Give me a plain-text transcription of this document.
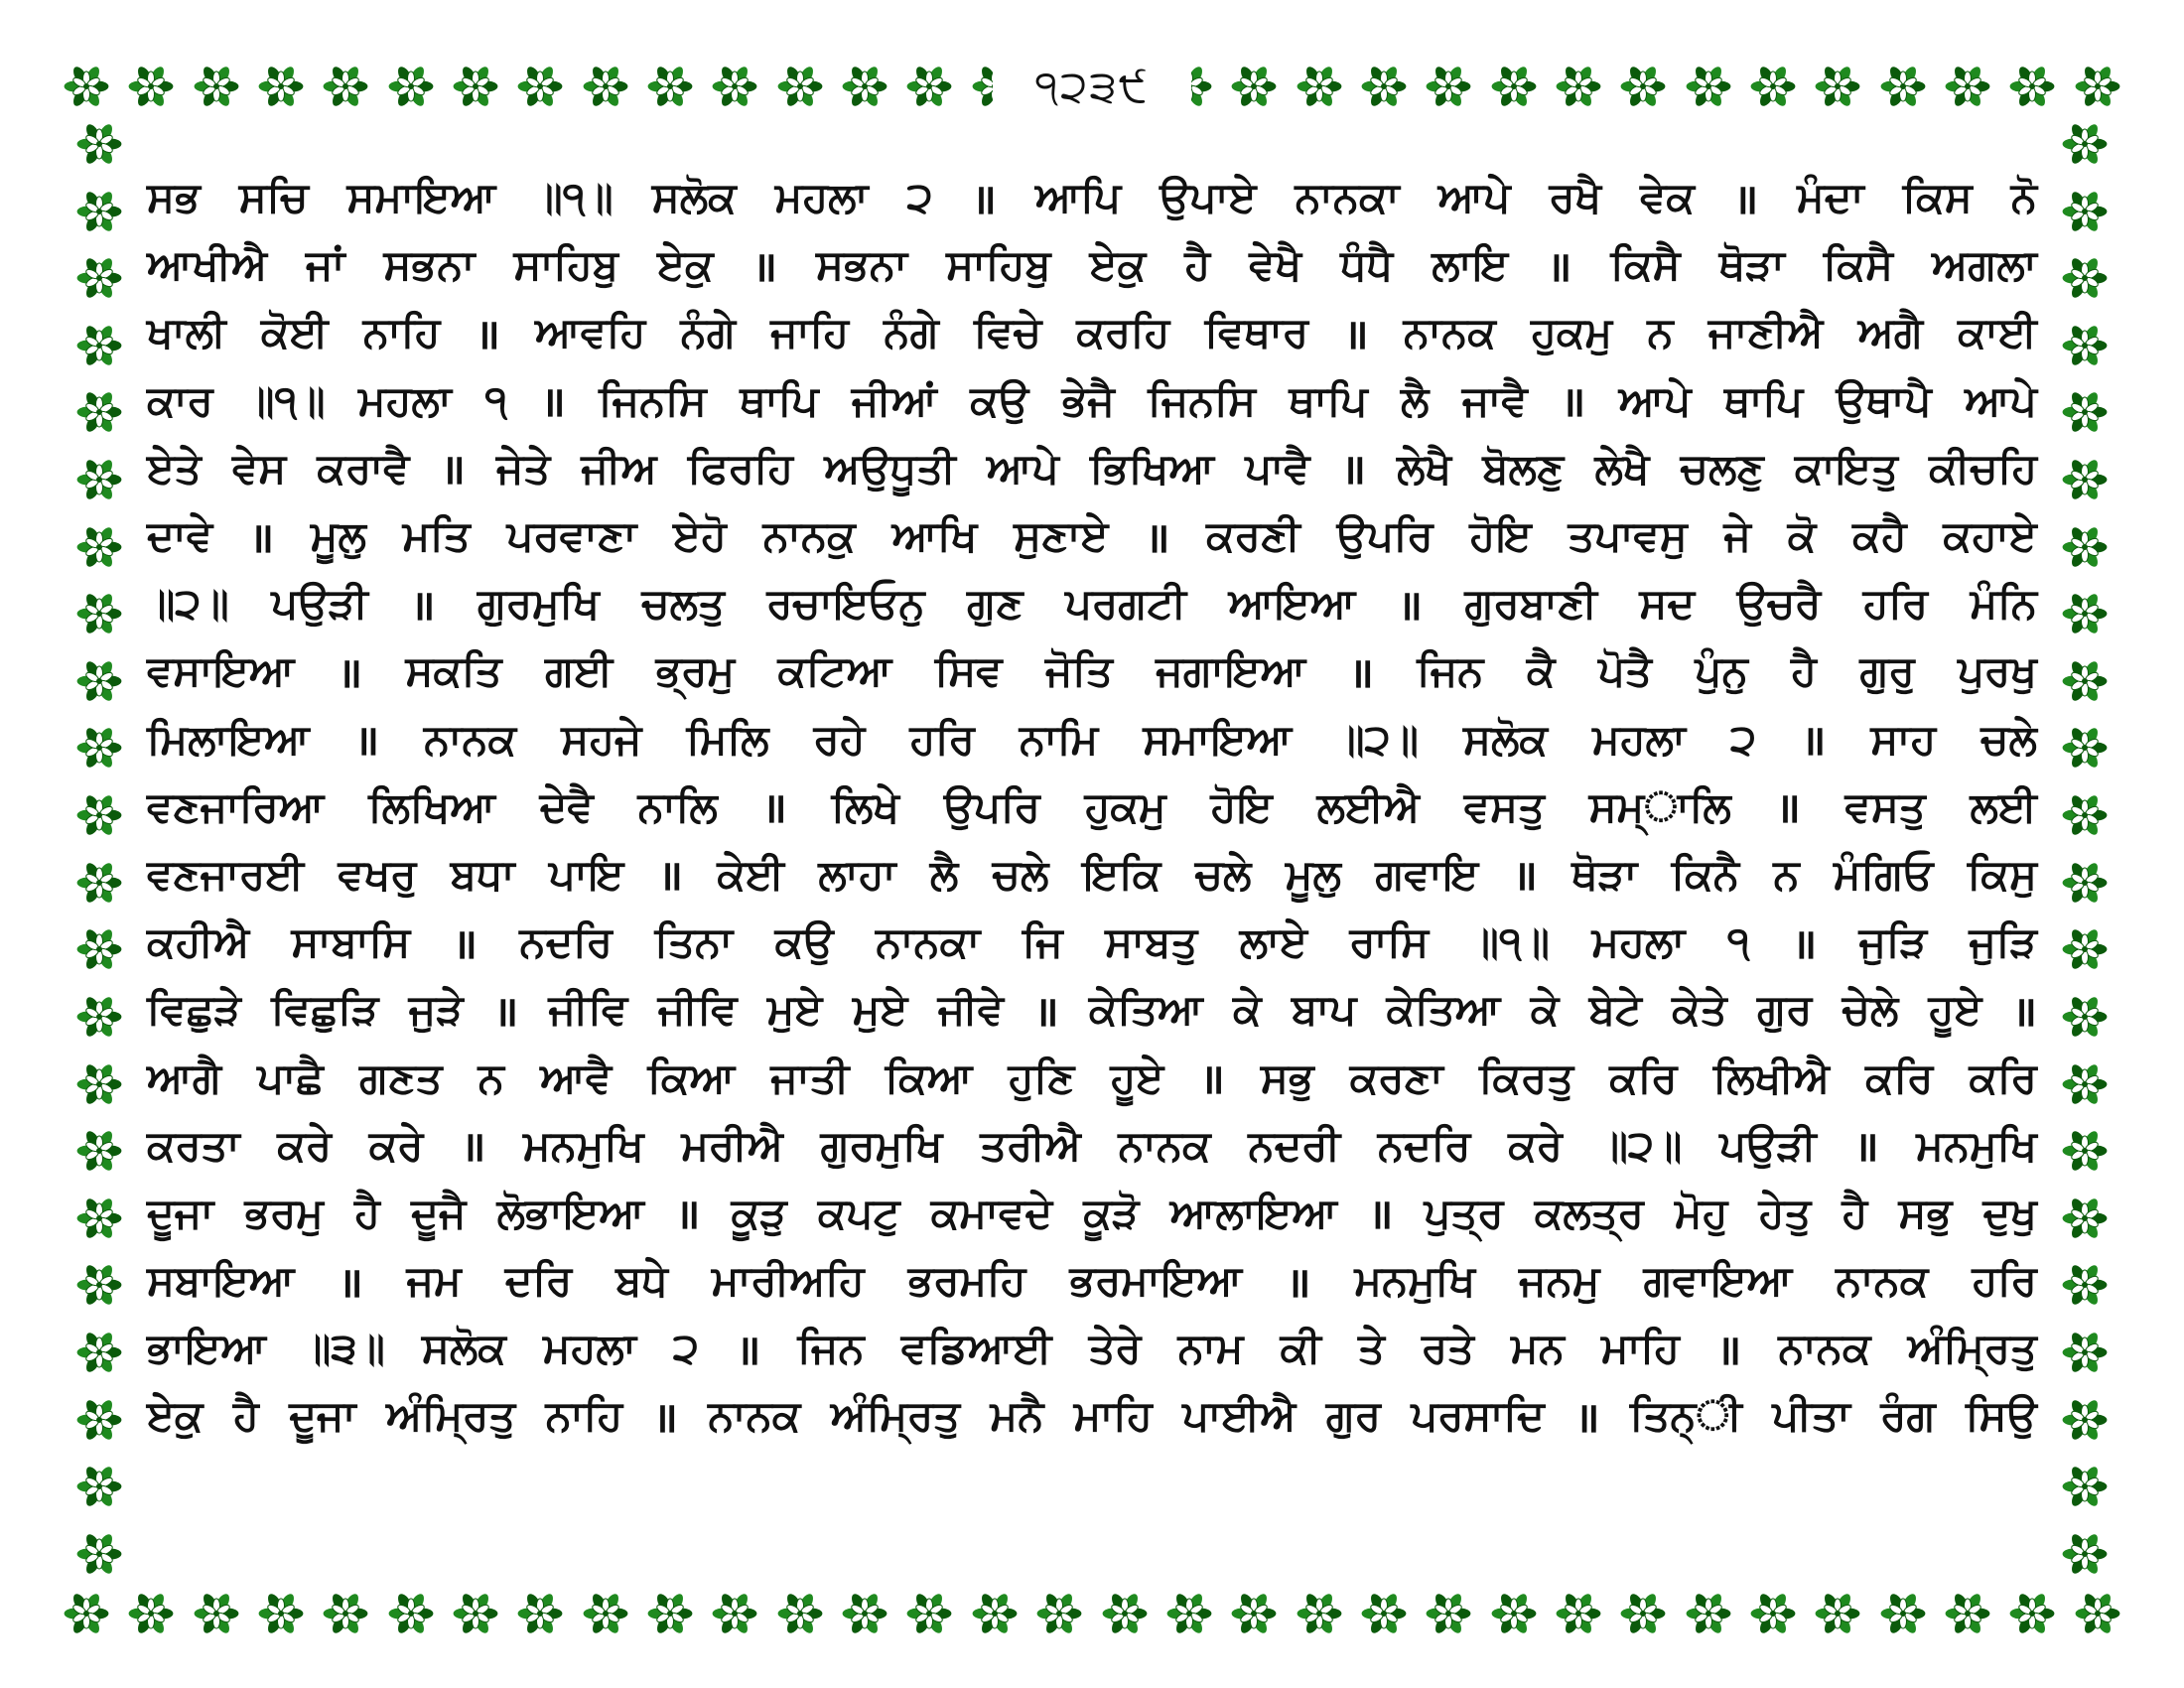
੧੨੩੯
ਸਭ ਸਚਿ ਸਮਾਇਆ ॥੧॥ ਸਲੋਕ ਮਹਲਾ ੨ ॥ ਆਪਿ ਉਪਾਏ ਨਾਨਕਾ ਆਪੇ ਰਖੈ ਵੇਕ ॥ ਮੰਦਾ ਕਿਸ ਨੋ
ਆਖੀਐ ਜਾਂ ਸਭਨਾ ਸਾਹਿਬੁ ਏਕੁ ॥ ਸਭਨਾ ਸਾਹਿਬੁ ਏਕੁ ਹੈ ਵੇਖੈ ਧੰਧੈ ਲਾਇ ॥ ਕਿਸੈ ਥੋੜਾ ਕਿਸੈ ਅਗਲਾ
ਖਾਲੀ ਕੋਈ ਨਾਹਿ ॥ ਆਵਹਿ ਨੰਗੇ ਜਾਹਿ ਨੰਗੇ ਵਿਚੇ ਕਰਹਿ ਵਿਥਾਰ ॥ ਨਾਨਕ ਹੁਕਮੁ ਨ ਜਾਣੀਐ ਅਗੈ ਕਾਈ
ਕਾਰ ॥੧॥ ਮਹਲਾ ੧ ॥ ਜਿਨਸਿ ਥਾਪਿ ਜੀਆਂ ਕਉ ਭੇਜੈ ਜਿਨਸਿ ਥਾਪਿ ਲੈ ਜਾਵੈ ॥ ਆਪੇ ਥਾਪਿ ਉਥਾਪੈ ਆਪੇ
ਏਤੇ ਵੇਸ ਕਰਾਵੈ ॥ ਜੇਤੇ ਜੀਅ ਫਿਰਹਿ ਅਉਧੂਤੀ ਆਪੇ ਭਿਖਿਆ ਪਾਵੈ ॥ ਲੇਖੈ ਬੋਲਣੁ ਲੇਖੈ ਚਲਣੁ ਕਾਇਤੁ ਕੀਚਹਿ
ਦਾਵੇ ॥ ਮੂਲੁ ਮਤਿ ਪਰਵਾਣਾ ਏਹੋ ਨਾਨਕੁ ਆਖਿ ਸੁਣਾਏ ॥ ਕਰਣੀ ਉਪਰਿ ਹੋਇ ਤਪਾਵਸੁ ਜੇ ਕੋ ਕਹੈ ਕਹਾਏ
॥੨॥ ਪਉੜੀ ॥ ਗੁਰਮੁਖਿ ਚਲਤੁ ਰਚਾਇਓਨੁ ਗੁਣ ਪਰਗਟੀ ਆਇਆ ॥ ਗੁਰਬਾਣੀ ਸਦ ਉਚਰੈ ਹਰਿ ਮੰਨਿ
ਵਸਾਇਆ ॥ ਸਕਤਿ ਗਈ ਭ੍ਰਮੁ ਕਟਿਆ ਸਿਵ ਜੋਤਿ ਜਗਾਇਆ ॥ ਜਿਨ ਕੈ ਪੋਤੈ ਪੁੰਨੁ ਹੈ ਗੁਰੁ ਪੁਰਖੁ
ਮਿਲਾਇਆ ॥ ਨਾਨਕ ਸਹਜੇ ਮਿਲਿ ਰਹੇ ਹਰਿ ਨਾਮਿ ਸਮਾਇਆ ॥੨॥ ਸਲੋਕ ਮਹਲਾ ੨ ॥ ਸਾਹ ਚਲੇ
ਵਣਜਾਰਿਆ ਲਿਖਿਆ ਦੇਵੈ ਨਾਲਿ ॥ ਲਿਖੇ ਉਪਰਿ ਹੁਕਮੁ ਹੋਇ ਲਈਐ ਵਸਤੁ ਸਮ੍ਾਲਿ ॥ ਵਸਤੁ ਲਈ
ਵਣਜਾਰਈ ਵਖਰੁ ਬਧਾ ਪਾਇ ॥ ਕੇਈ ਲਾਹਾ ਲੈ ਚਲੇ ਇਕਿ ਚਲੇ ਮੂਲੁ ਗਵਾਇ ॥ ਥੋੜਾ ਕਿਨੈ ਨ ਮੰਗਿਓ ਕਿਸੁ
ਕਹੀਐ ਸਾਬਾਸਿ ॥ ਨਦਰਿ ਤਿਨਾ ਕਉ ਨਾਨਕਾ ਜਿ ਸਾਬਤੁ ਲਾਏ ਰਾਸਿ ॥੧॥ ਮਹਲਾ ੧ ॥ ਜੁੜਿ ਜੁੜਿ
ਵਿਛੁੜੇ ਵਿਛੁੜਿ ਜੁੜੇ ॥ ਜੀਵਿ ਜੀਵਿ ਮੁਏ ਮੁਏ ਜੀਵੇ ॥ ਕੇਤਿਆ ਕੇ ਬਾਪ ਕੇਤਿਆ ਕੇ ਬੇਟੇ ਕੇਤੇ ਗੁਰ ਚੇਲੇ ਹੂਏ ॥
ਆਗੈ ਪਾਛੈ ਗਣਤ ਨ ਆਵੈ ਕਿਆ ਜਾਤੀ ਕਿਆ ਹੁਣਿ ਹੂਏ ॥ ਸਭੁ ਕਰਣਾ ਕਿਰਤੁ ਕਰਿ ਲਿਖੀਐ ਕਰਿ ਕਰਿ
ਕਰਤਾ ਕਰੇ ਕਰੇ ॥ ਮਨਮੁਖਿ ਮਰੀਐ ਗੁਰਮੁਖਿ ਤਰੀਐ ਨਾਨਕ ਨਦਰੀ ਨਦਰਿ ਕਰੇ ॥੨॥ ਪਉੜੀ ॥ ਮਨਮੁਖਿ
ਦੂਜਾ ਭਰਮੁ ਹੈ ਦੂਜੈ ਲੋਭਾਇਆ ॥ ਕੂੜੁ ਕਪਟੁ ਕਮਾਵਦੇ ਕੂੜੋ ਆਲਾਇਆ ॥ ਪੁਤ੍ਰ ਕਲਤ੍ਰ ਮੋਹੁ ਹੇਤੁ ਹੈ ਸਭੁ ਦੁਖੁ
ਸਬਾਇਆ ॥ ਜਮ ਦਰਿ ਬਧੇ ਮਾਰੀਅਹਿ ਭਰਮਹਿ ਭਰਮਾਇਆ ॥ ਮਨਮੁਖਿ ਜਨਮੁ ਗਵਾਇਆ ਨਾਨਕ ਹਰਿ
ਭਾਇਆ ॥੩॥ ਸਲੋਕ ਮਹਲਾ ੨ ॥ ਜਿਨ ਵਡਿਆਈ ਤੇਰੇ ਨਾਮ ਕੀ ਤੇ ਰਤੇ ਮਨ ਮਾਹਿ ॥ ਨਾਨਕ ਅੰਮ੍ਰਿਤੁ
ਏਕੁ ਹੈ ਦੂਜਾ ਅੰਮ੍ਰਿਤੁ ਨਾਹਿ ॥ ਨਾਨਕ ਅੰਮ੍ਰਿਤੁ ਮਨੈ ਮਾਹਿ ਪਾਈਐ ਗੁਰ ਪਰਸਾਦਿ ॥ ਤਿਨ੍ੀ ਪੀਤਾ ਰੰਗ ਸਿਉ
